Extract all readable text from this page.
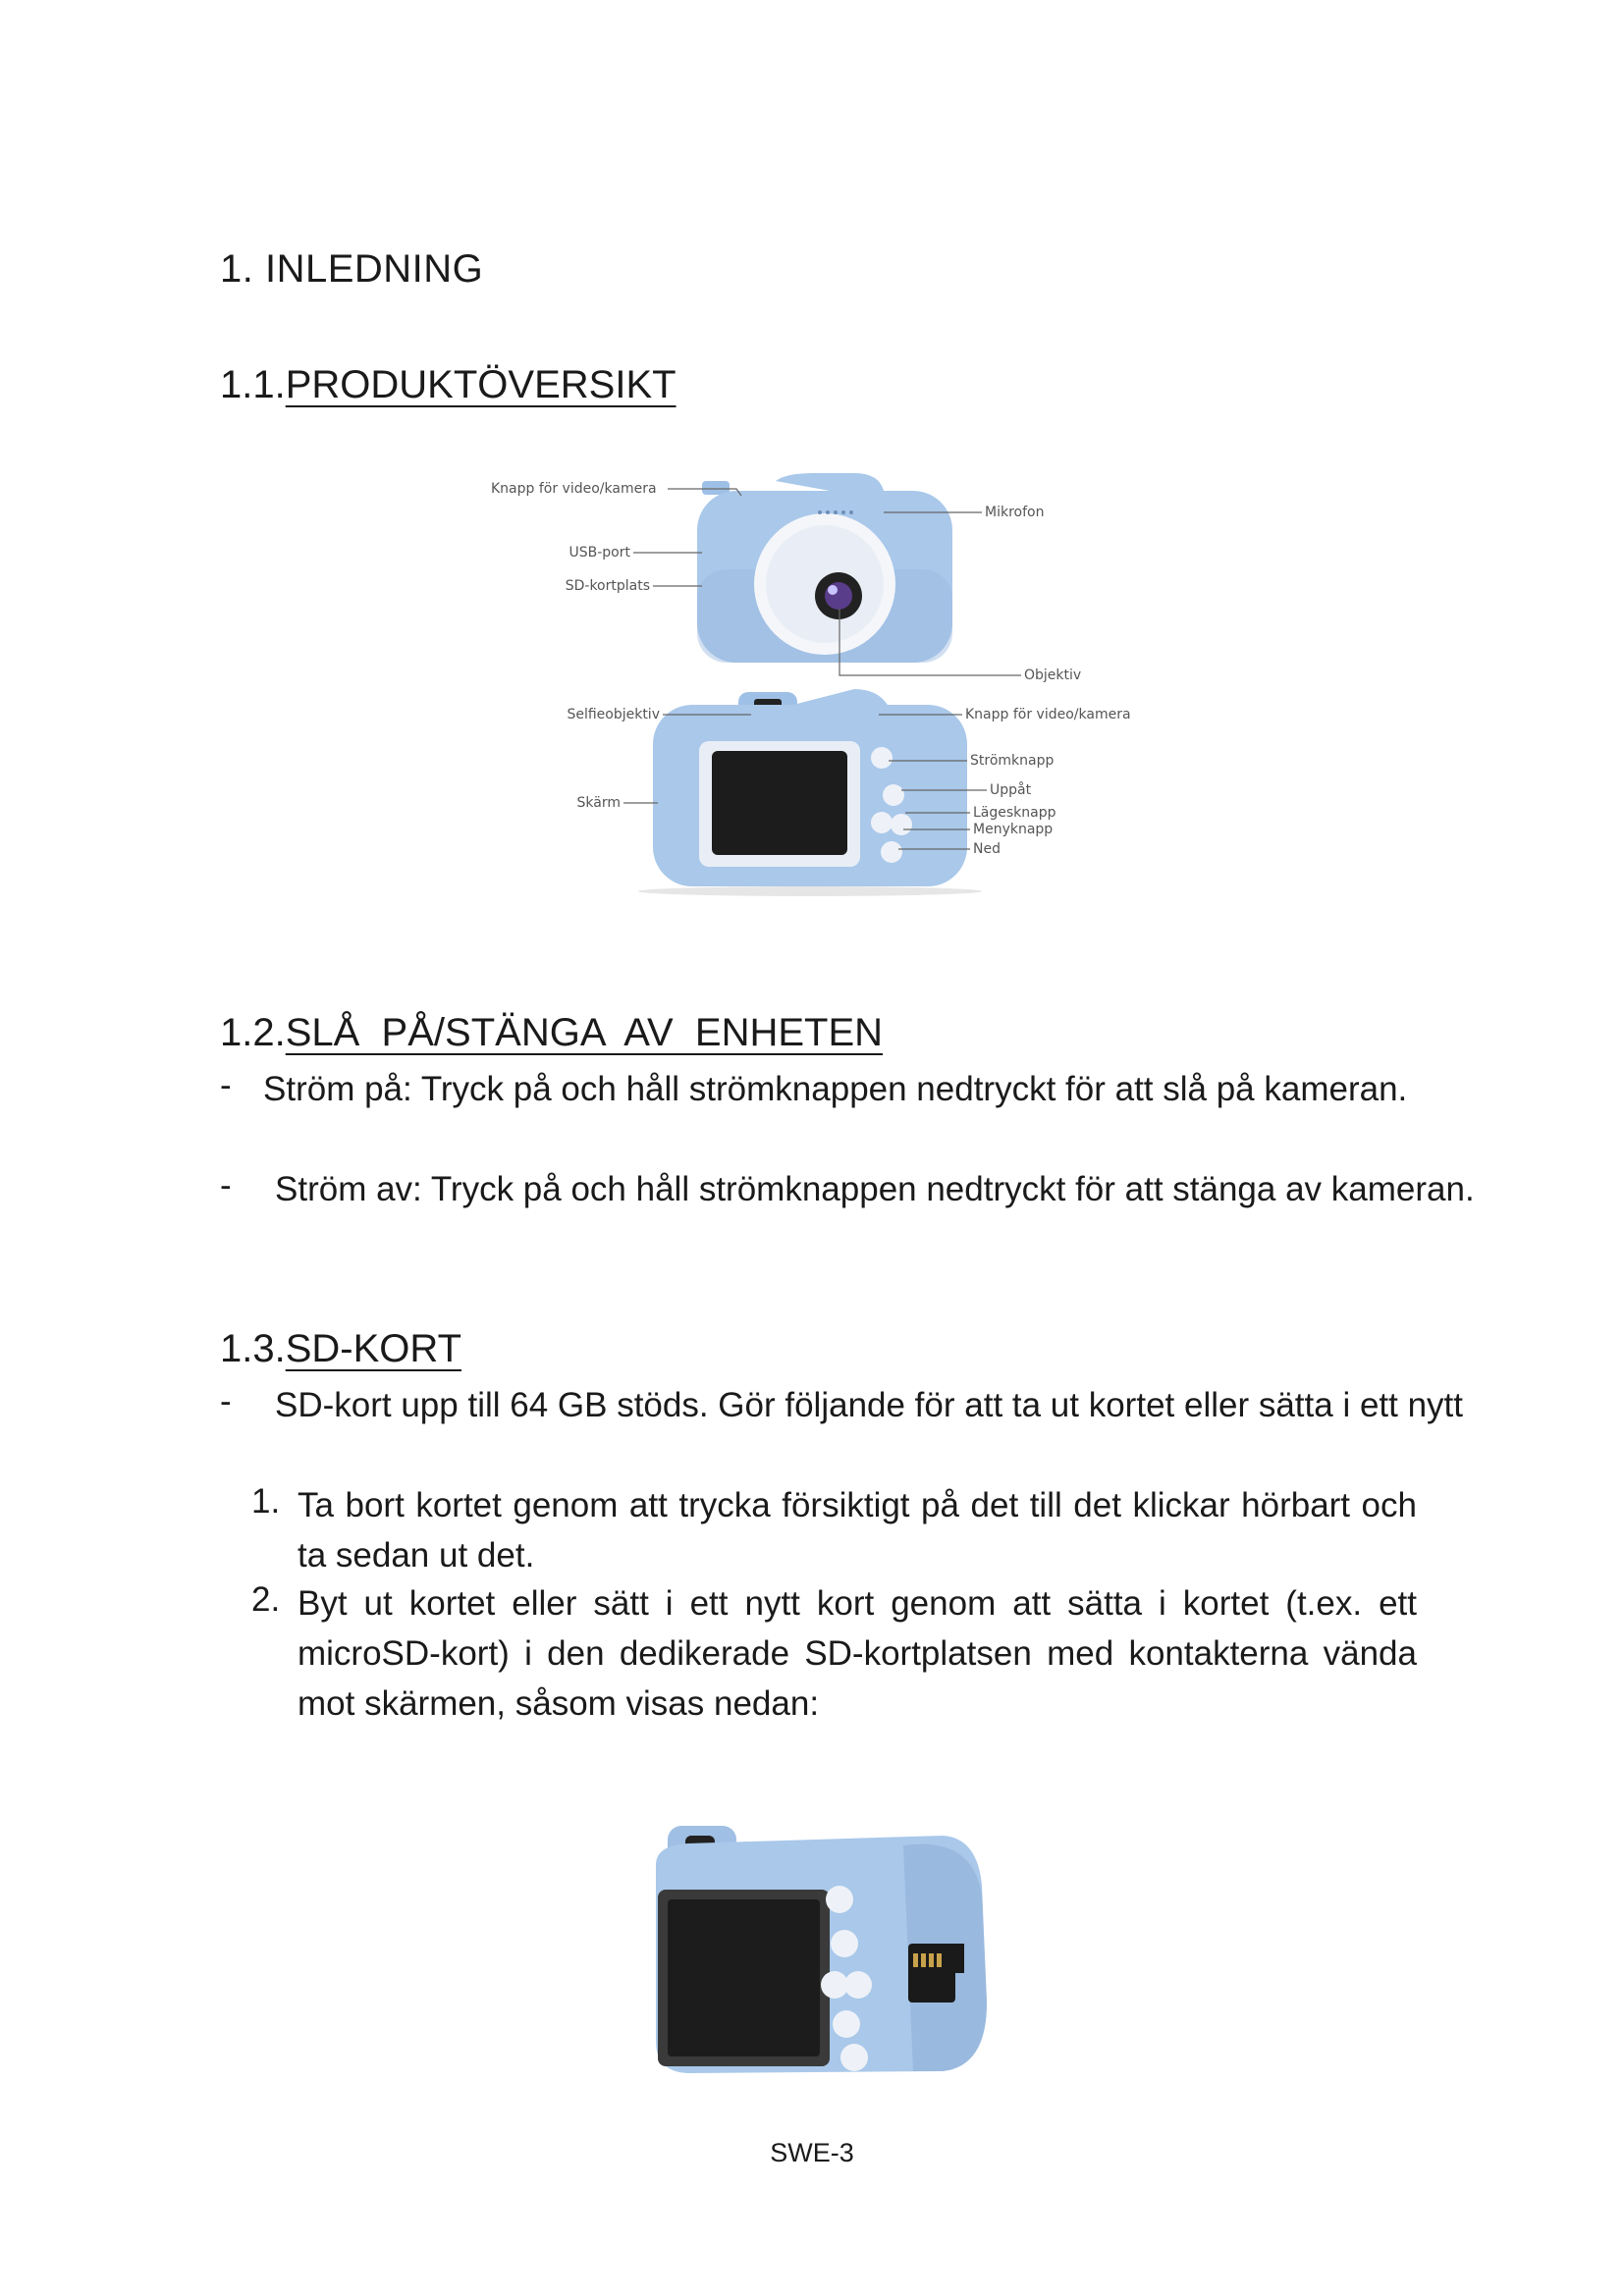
1. INLEDNING
1.1.PRODUKTÖVERSIKT
Knapp för video/kamera
Mikrofon
USB-port
SD-kortplats
Objektiv
Selfieobjektiv	Knapp för video/kamera
Skärm
Strömknapp
Uppåt
Lägesknapp
Menyknapp
Ned
1.2.SLÅ  PÅ/STÄNGA  AV  ENHETEN
- Ström på: Tryck på och håll strömknappen nedtryckt för att slå på kameran.
- Ström av: Tryck på och håll strömknappen nedtryckt för att stänga av kameran.
1.3.SD-KORT
- SD-kort upp till 64 GB stöds. Gör följande för att ta ut kortet eller sätta i ett nytt
1. Ta bort kortet genom att trycka försiktigt på det till det klickar hörbart och ta sedan ut det.
2. Byt ut kortet eller sätt i ett nytt kort genom att sätta i kortet (t.ex. ett microSD-kort) i den dedikerade SD-kortplatsen med kontakterna vända mot skärmen, såsom visas nedan:
SWE-3
